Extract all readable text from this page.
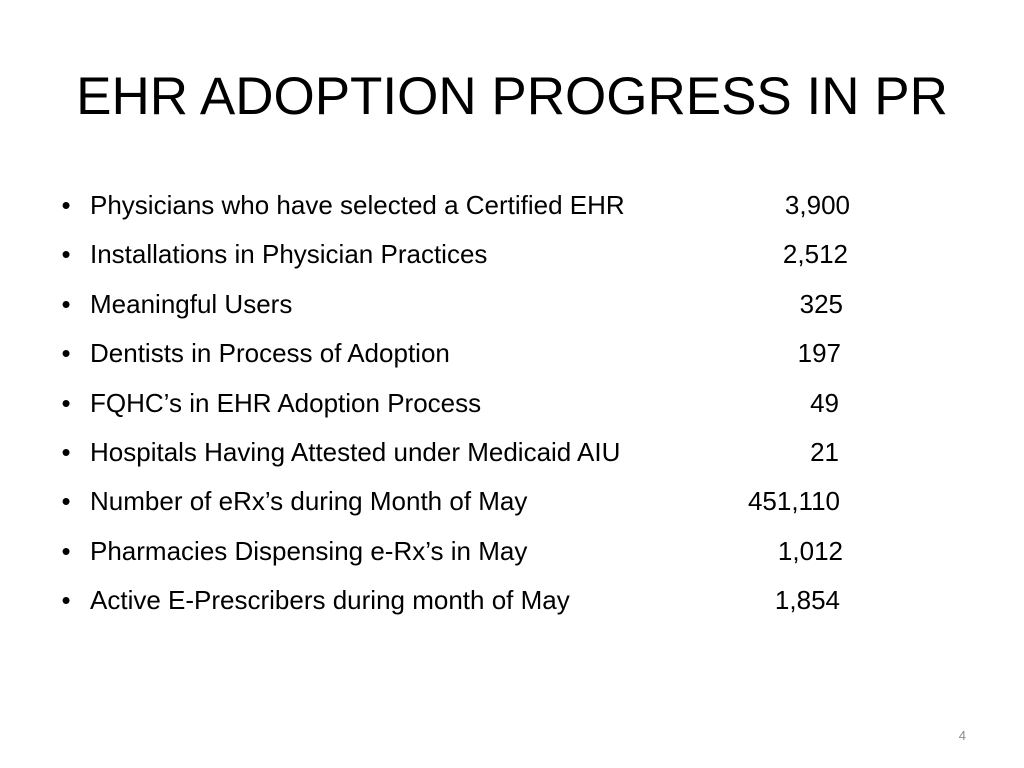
EHR ADOPTION PROGRESS IN PR
• Physicians who have selected a Certified EHR	3,900
• Installations in Physician Practices	2,512
• Meaningful Users	325
• Dentists in Process of Adoption	197
• FQHC’s in EHR Adoption Process	49
• Hospitals Having Attested under Medicaid AIU	21
• Number of eRx’s during Month of May	451,110
• Pharmacies Dispensing e-Rx’s in May	1,012
• Active E-Prescribers during month of May	1,854
4
